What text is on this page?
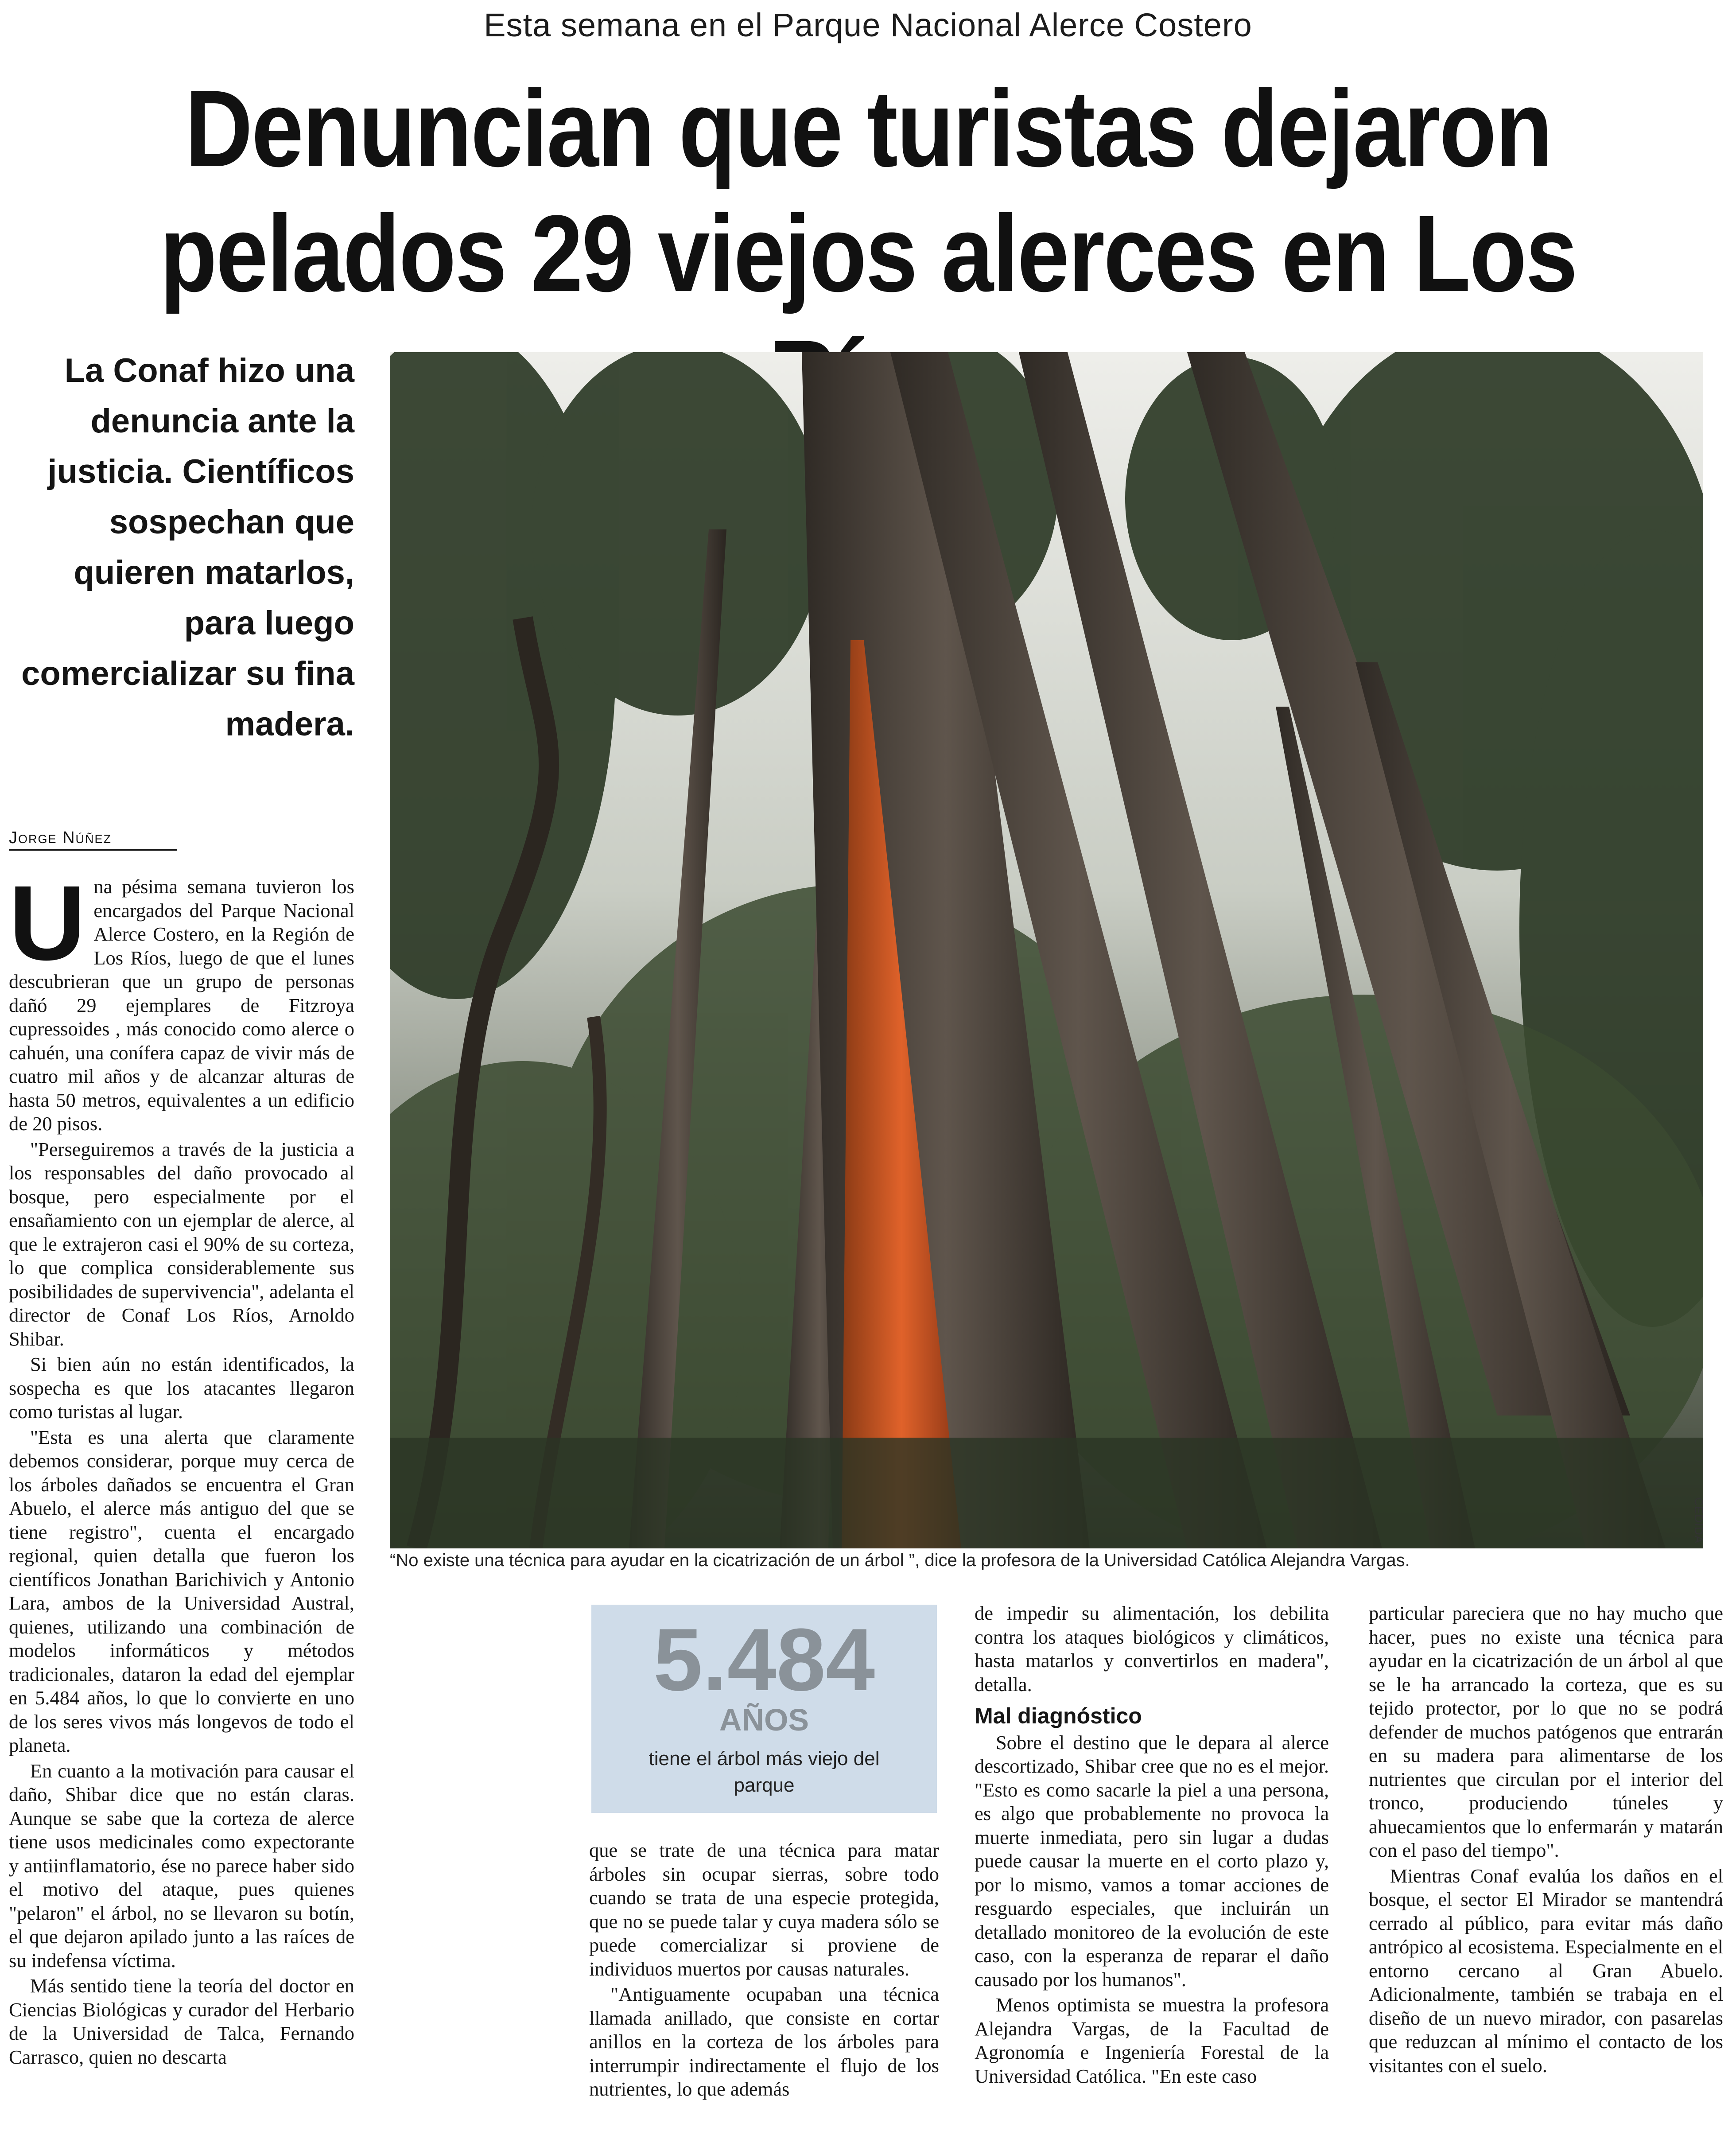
Esta semana en el Parque Nacional Alerce Costero
Denuncian que turistas dejaron
pelados 29 viejos alerces en Los
La Conaf hizo una denuncia ante la justicia. Científicos sospechan que quieren matarlos, para luego comercializar su fina madera.
CEDIDA
“No existe una técnica para ayudar en la cicatrización de un árbol ”, dice la profesora de la Universidad Católica Alejandra Vargas.
Jorge Núñez

Una pésima semana tuvieron los encargados del Parque Nacional Alerce Costero, en la Región de Los Ríos, luego de que el lunes descubrieran que un grupo de personas dañó 29 ejemplares de Fitzroya cupressoides , más conocido como alerce o cahuén, una conífera capaz de vivir más de cuatro mil años y de alcanzar alturas de hasta 50 metros, equivalentes a un edificio de 20 pisos.

"Perseguiremos a través de la justicia a los responsables del daño provocado al bosque, pero especialmente por el ensañamiento con un ejemplar de alerce, al que le extrajeron casi el 90% de su corteza, lo que complica considerablemente sus posibilidades de supervivencia", adelanta el director de Conaf Los Ríos, Arnoldo Shibar.

Si bien aún no están identificados, la sospecha es que los atacantes llegaron como turistas al lugar.

"Esta es una alerta que claramente debemos considerar, porque muy cerca de los árboles dañados se encuentra el Gran Abuelo, el alerce más antiguo del que se tiene registro", cuenta el encargado regional, quien detalla que fueron los científicos Jonathan Barichivich y Antonio Lara, ambos de la Universidad Austral, quienes, utilizando una combinación de modelos informáticos y métodos tradicionales, dataron la edad del ejemplar en 5.484 años, lo que lo convierte en uno de los seres vivos más longevos de todo el planeta.

En cuanto a la motivación para causar el daño, Shibar dice que no están claras. Aunque se sabe que la corteza de alerce tiene usos medicinales como expectorante y antiinflamatorio, ése no parece haber sido el motivo del ataque, pues quienes "pelaron" el árbol, no se llevaron su botín, el que dejaron apilado junto a las raíces de su indefensa víctima.

Más sentido tiene la teoría del doctor en Ciencias Biológicas y curador del Herbario de la Universidad de Talca, Fernando Carrasco, quien no descarta

5.484
AÑOS
tiene el árbol más viejo del parque

que se trate de una técnica para matar árboles sin ocupar sierras, sobre todo cuando se trata de una especie protegida, que no se puede talar y cuya madera sólo se puede comercializar si proviene de individuos muertos por causas naturales.

"Antiguamente ocupaban una técnica llamada anillado, que consiste en cortar anillos en la corteza de los árboles para interrumpir indirectamente el flujo de los nutrientes, lo que además

de impedir su alimentación, los debilita contra los ataques biológicos y climáticos, hasta matarlos y convertirlos en madera", detalla.

Mal diagnóstico

Sobre el destino que le depara al alerce descortizado, Shibar cree que no es el mejor. "Esto es como sacarle la piel a una persona, es algo que probablemente no provoca la muerte inmediata, pero sin lugar a dudas puede causar la muerte en el corto plazo y, por lo mismo, vamos a tomar acciones de resguardo especiales, que incluirán un detallado monitoreo de la evolución de este caso, con la esperanza de reparar el daño causado por los humanos".

Menos optimista se muestra la profesora Alejandra Vargas, de la Facultad de Agronomía e Ingeniería Forestal de la Universidad Católica. "En este caso

particular pareciera que no hay mucho que hacer, pues no existe una técnica para ayudar en la cicatrización de un árbol al que se le ha arrancado la corteza, que es su tejido protector, por lo que no se podrá defender de muchos patógenos que entrarán en su madera para alimentarse de los nutrientes que circulan por el interior del tronco, produciendo túneles y ahuecamientos que lo enfermarán y matarán con el paso del tiempo".

Mientras Conaf evalúa los daños en el bosque, el sector El Mirador se mantendrá cerrado al público, para evitar más daño antrópico al ecosistema. Especialmente en el entorno cercano al Gran Abuelo. Adicionalmente, también se trabaja en el diseño de un nuevo mirador, con pasarelas que reduzcan al mínimo el contacto de los visitantes con el suelo.
